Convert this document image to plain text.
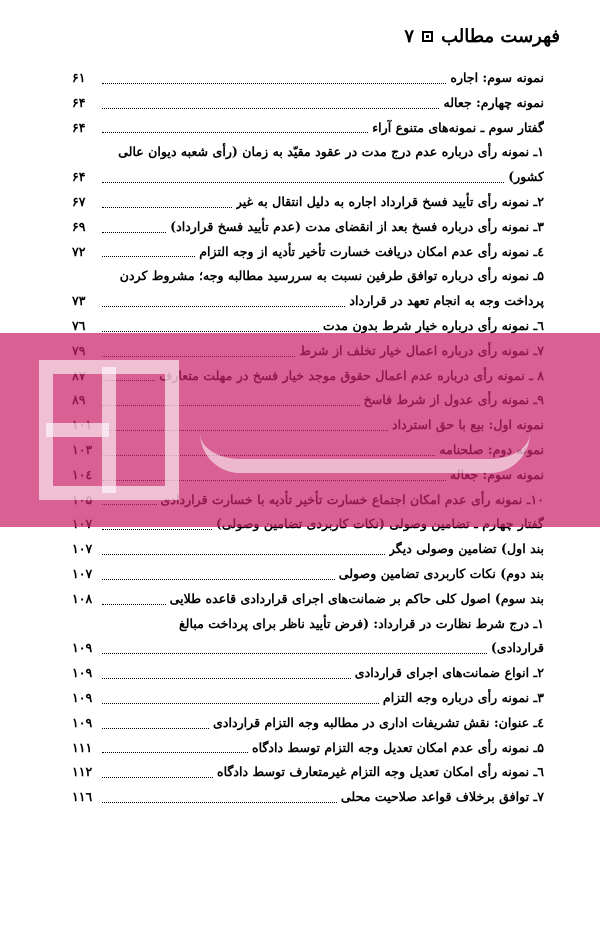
فهرست مطالب
۷
نمونه سوم: اجاره
۶۱
نمونه چهارم: جعاله
۶۴
گفتار سوم ـ نمونه‌های متنوع آراء
۶۴
۱ـ نمونه رأی درباره عدم درج مدت در عقود مقیّد به زمان (رأی شعبه دیوان عالی
کشور)
۶۴
۲ـ نمونه رأی تأیید فسخ قرارداد اجاره به دلیل انتقال به غیر
۶۷
۳ـ نمونه رأی درباره فسخ بعد از انقضای مدت (عدم تأیید فسخ قرارداد)
۶۹
٤ـ نمونه رأی عدم امکان دریافت خسارت تأخیر تأدیه از وجه التزام
۷۲
۵ـ نمونه رأی درباره توافق طرفین نسبت به سررسید مطالبه وجه؛ مشروط کردن
پرداخت وجه به انجام تعهد در قرارداد
۷۳
٦ـ نمونه رأی درباره خیار شرط بدون مدت
۷٦
بند اول) تضامین وصولی دیگر
۱۰۷
بند دوم) نکات کاربردی تضامین وصولی
۱۰۷
بند سوم) اصول کلی حاکم بر ضمانت‌های اجرای قراردادی قاعده طلایی
۱۰۸
۱ـ درج شرط نظارت در قرارداد: (فرض تأیید ناظر برای پرداخت مبالغ
قراردادی)
۱۰۹
۲ـ انواع ضمانت‌های اجرای قراردادی
۱۰۹
۳ـ نمونه رأی درباره وجه التزام
۱۰۹
٤ـ عنوان: نقش تشریفات اداری در مطالبه وجه التزام قراردادی
۱۰۹
۵ـ نمونه رأی عدم امکان تعدیل وجه التزام توسط دادگاه
۱۱۱
٦ـ نمونه رأی امکان تعدیل وجه التزام غیرمتعارف توسط دادگاه
۱۱۲
۷ـ توافق برخلاف قواعد صلاحیت محلی
۱۱٦
